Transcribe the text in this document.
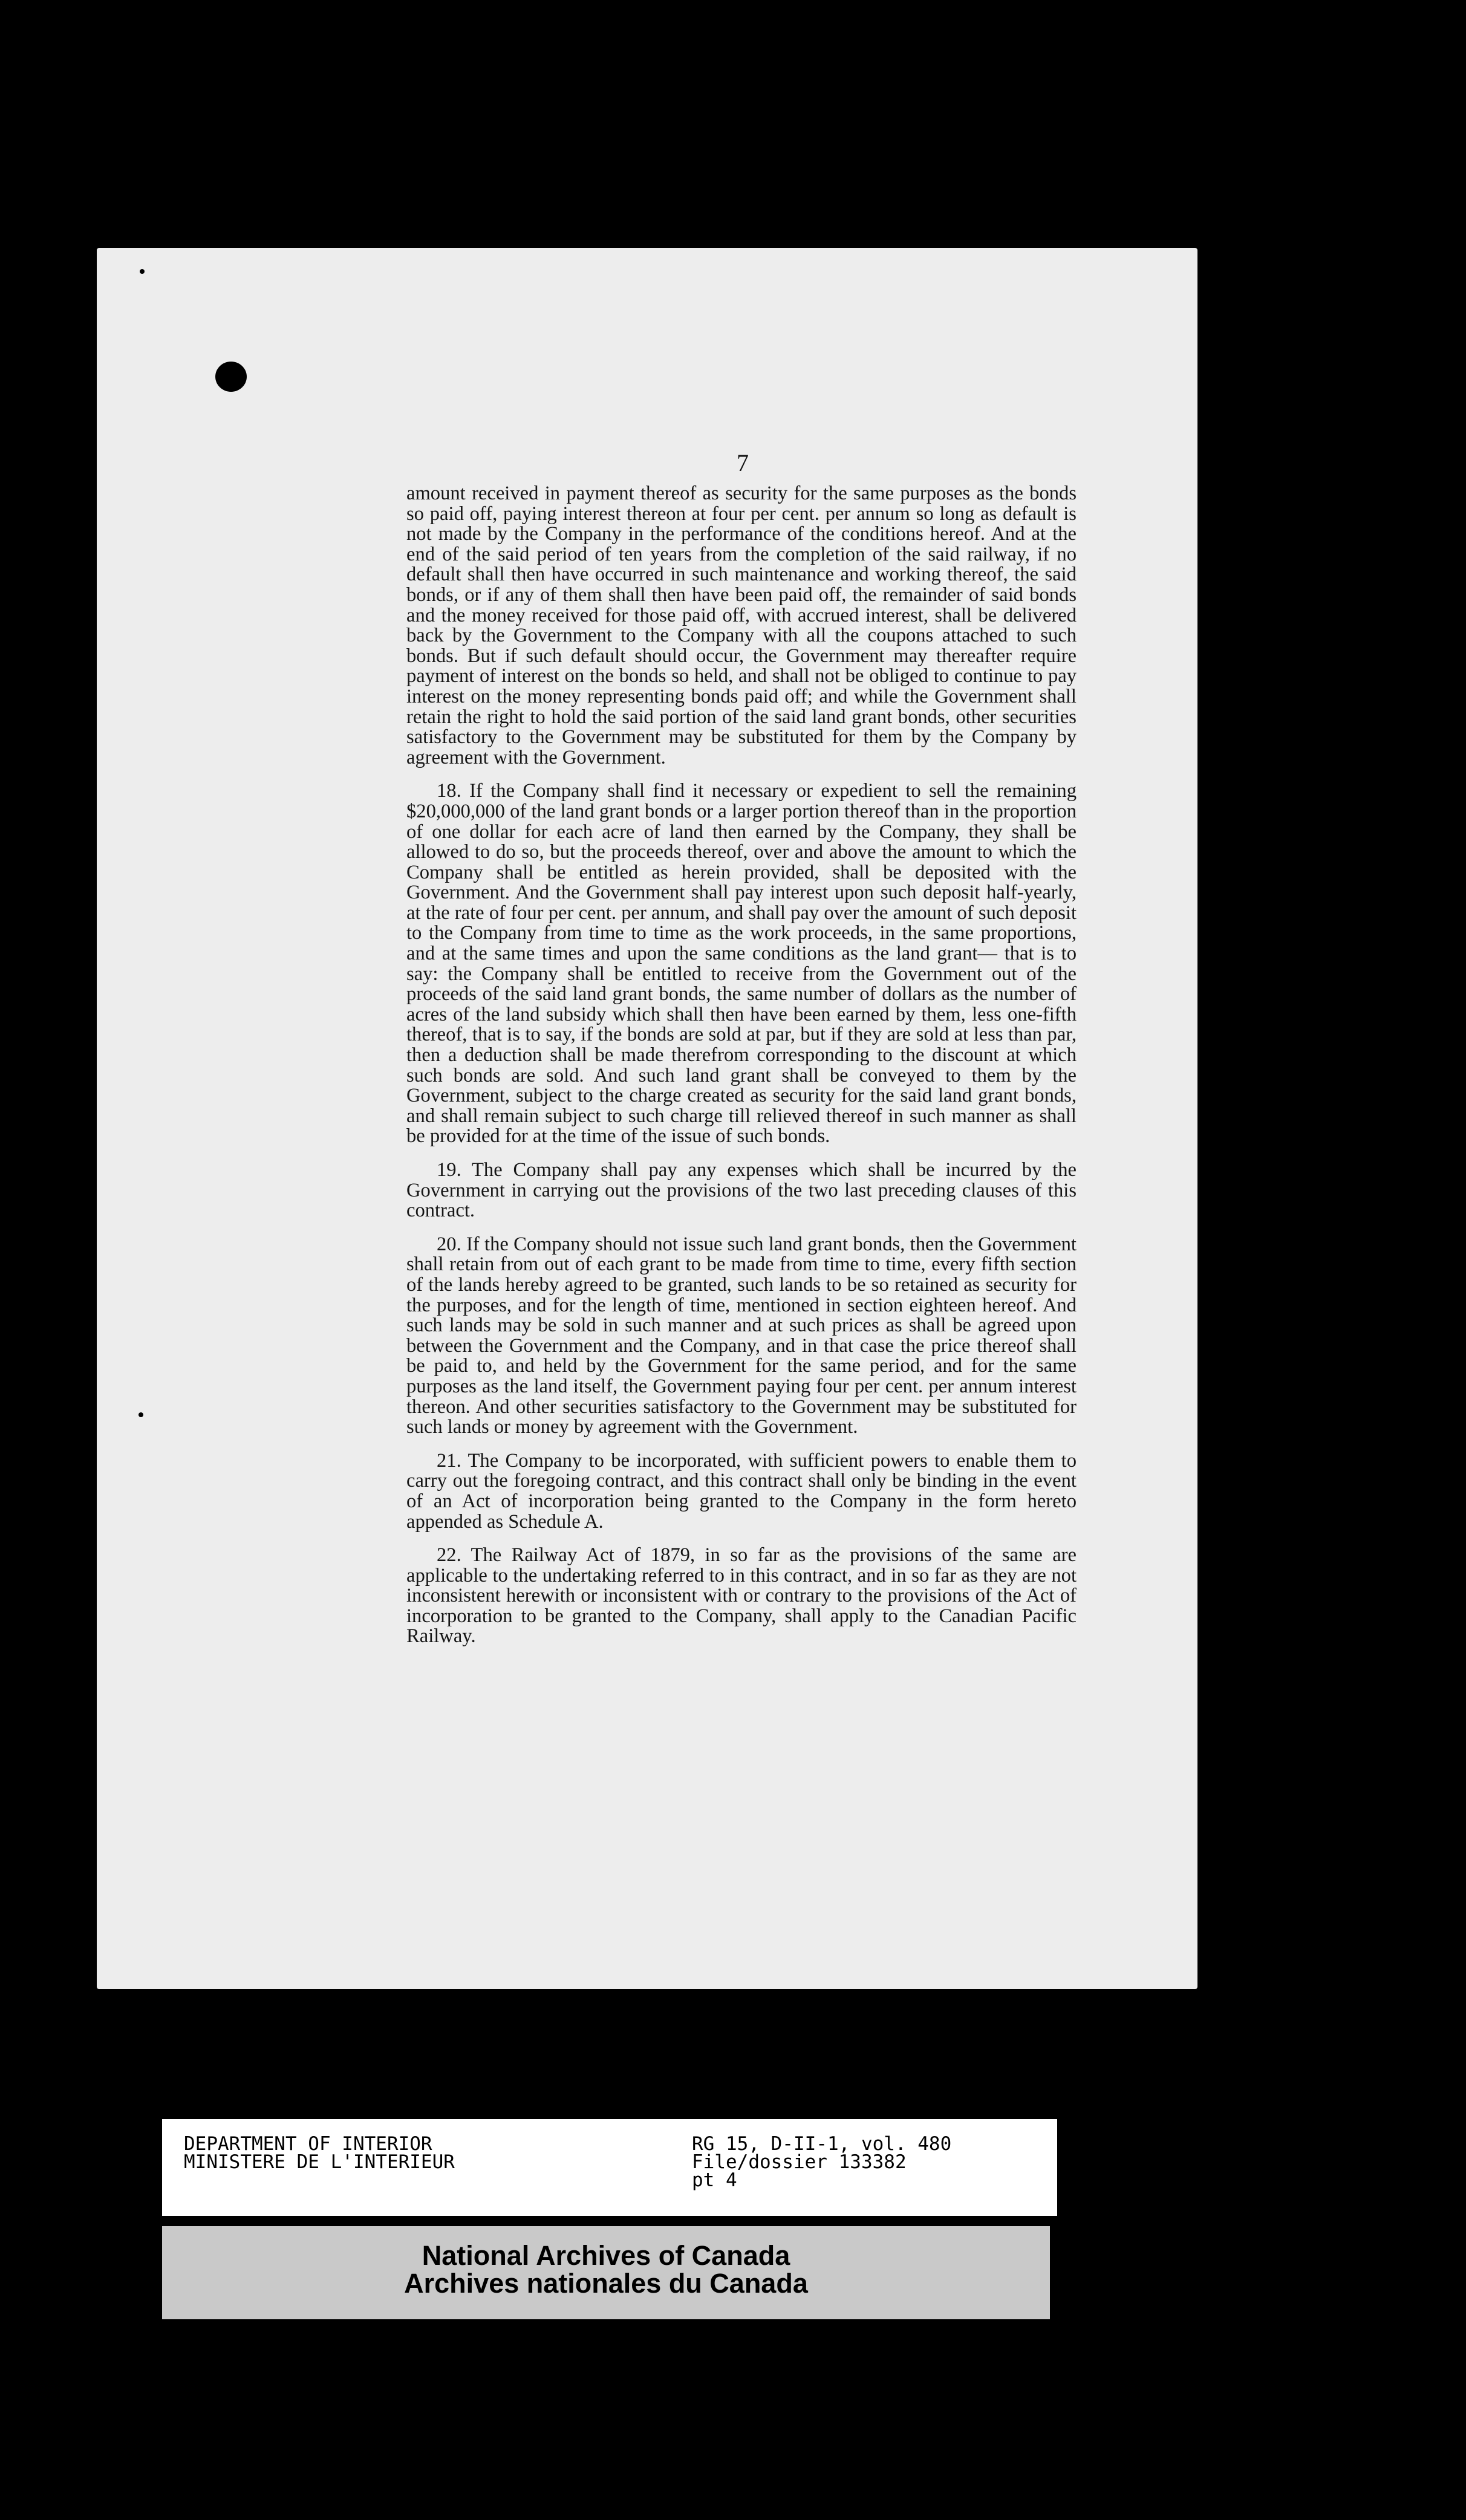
7

amount received in payment thereof as security for the same purposes as the bonds so paid off, paying interest thereon at four per cent. per annum so long as default is not made by the Company in the performance of the conditions hereof. And at the end of the said period of ten years from the completion of the said railway, if no default shall then have occurred in such maintenance and working thereof, the said bonds, or if any of them shall then have been paid off, the remainder of said bonds and the money received for those paid off, with accrued interest, shall be delivered back by the Government to the Company with all the coupons attached to such bonds. But if such default should occur, the Government may thereafter require payment of interest on the bonds so held, and shall not be obliged to continue to pay interest on the money representing bonds paid off; and while the Government shall retain the right to hold the said portion of the said land grant bonds, other securities satisfactory to the Government may be substituted for them by the Company by agreement with the Government.

18. If the Company shall find it necessary or expedient to sell the remaining $20,000,000 of the land grant bonds or a larger portion thereof than in the proportion of one dollar for each acre of land then earned by the Company, they shall be allowed to do so, but the proceeds thereof, over and above the amount to which the Company shall be entitled as herein provided, shall be deposited with the Government. And the Government shall pay interest upon such deposit half-yearly, at the rate of four per cent. per annum, and shall pay over the amount of such deposit to the Company from time to time as the work proceeds, in the same proportions, and at the same times and upon the same conditions as the land grant— that is to say: the Company shall be entitled to receive from the Government out of the proceeds of the said land grant bonds, the same number of dollars as the number of acres of the land subsidy which shall then have been earned by them, less one-fifth thereof, that is to say, if the bonds are sold at par, but if they are sold at less than par, then a deduction shall be made therefrom corresponding to the discount at which such bonds are sold. And such land grant shall be conveyed to them by the Government, subject to the charge created as security for the said land grant bonds, and shall remain subject to such charge till relieved thereof in such manner as shall be provided for at the time of the issue of such bonds.

19. The Company shall pay any expenses which shall be incurred by the Government in carrying out the provisions of the two last preceding clauses of this contract.

20. If the Company should not issue such land grant bonds, then the Government shall retain from out of each grant to be made from time to time, every fifth section of the lands hereby agreed to be granted, such lands to be so retained as security for the purposes, and for the length of time, mentioned in section eighteen hereof. And such lands may be sold in such manner and at such prices as shall be agreed upon between the Government and the Company, and in that case the price thereof shall be paid to, and held by the Government for the same period, and for the same purposes as the land itself, the Government paying four per cent. per annum interest thereon. And other securities satisfactory to the Government may be substituted for such lands or money by agreement with the Government.

21. The Company to be incorporated, with sufficient powers to enable them to carry out the foregoing contract, and this contract shall only be binding in the event of an Act of incorporation being granted to the Company in the form hereto appended as Schedule A.

22. The Railway Act of 1879, in so far as the provisions of the same are applicable to the undertaking referred to in this contract, and in so far as they are not inconsistent herewith or inconsistent with or contrary to the provisions of the Act of incorporation to be granted to the Company, shall apply to the Canadian Pacific Railway.

DEPARTMENT OF INTERIOR
MINISTERE DE L'INTERIEUR
RG 15, D-II-1, vol. 480
File/dossier 133382
pt 4
National Archives of Canada
Archives nationales du Canada
